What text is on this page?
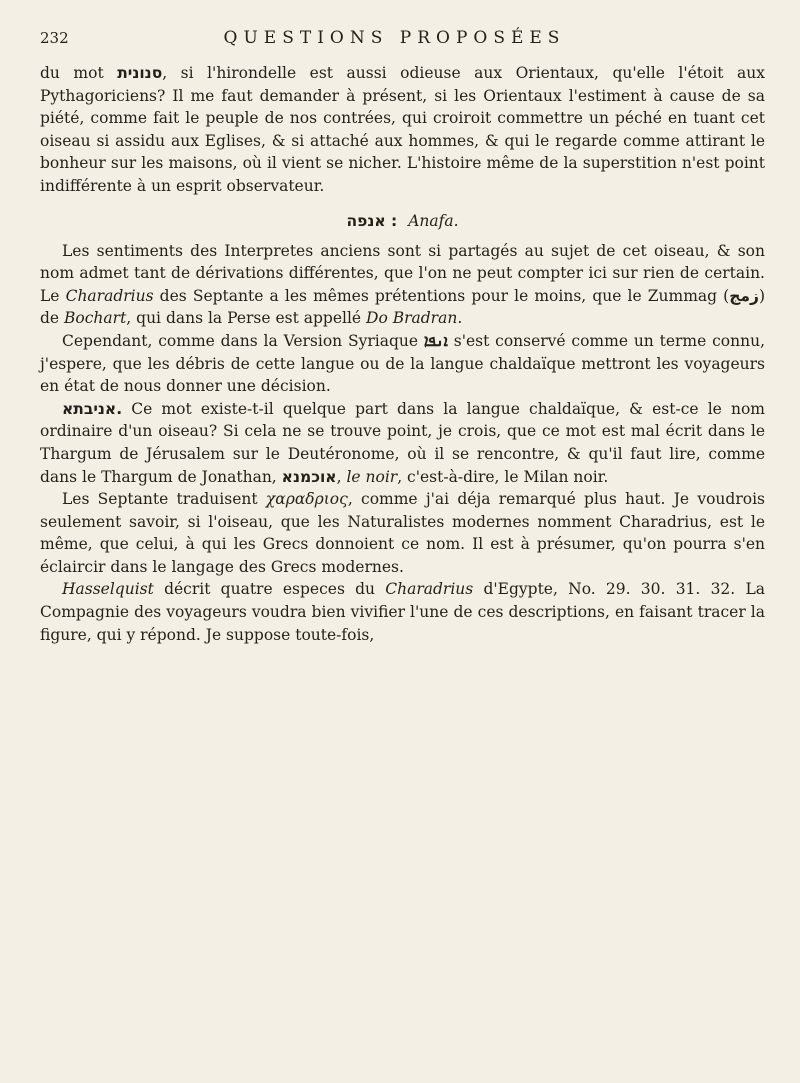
232	QUESTIONS PROPOSÉES

du mot סנונית, si l'hirondelle est aussi odieuse aux Orientaux, qu'elle l'étoit aux Pythagoriciens? Il me faut demander à présent, si les Orientaux l'estiment à cause de sa piété, comme fait le peuple de nos contrées, qui croiroit commettre un péché en tuant cet oiseau si assidu aux Eglises, & si attaché aux hommes, & qui le regarde comme attirant le bonheur sur les maisons, où il vient se nicher. L'histoire même de la superstition n'est point indifférente à un esprit observateur.

אנפה : Anafa.

Les sentiments des Interpretes anciens sont si partagés au sujet de cet oiseau, & son nom admet tant de dérivations différentes, que l'on ne peut compter ici sur rien de certain. Le Charadrius des Septante a les mêmes prétentions pour le moins, que le Zummag (زمج) de Bochart, qui dans la Perse est appellé Do Bradran.

Cependant, comme dans la Version Syriaque ܐܢܦܐ s'est conservé comme un terme connu, j'espere, que les débris de cette langue ou de la langue chaldaïque mettront les voyageurs en état de nous donner une décision.

אניבתא. Ce mot existe-t-il quelque part dans la langue chaldaïque, & est-ce le nom ordinaire d'un oiseau? Si cela ne se trouve point, je crois, que ce mot est mal écrit dans le Thargum de Jérusalem sur le Deutéronome, où il se rencontre, & qu'il faut lire, comme dans le Thargum de Jonathan, אוכמנא, le noir, c'est-à-dire, le Milan noir.

Les Septante traduisent χαραδριος, comme j'ai déja remarqué plus haut. Je voudrois seulement savoir, si l'oiseau, que les Naturalistes modernes nomment Charadrius, est le même, que celui, à qui les Grecs donnoient ce nom. Il est à présumer, qu'on pourra s'en éclaircir dans le langage des Grecs modernes.

Hasselquist décrit quatre especes du Charadrius d'Egypte, No. 29. 30. 31. 32. La Compagnie des voyageurs voudra bien vivifier l'une de ces descriptions, en faisant tracer la figure, qui y répond. Je suppose toute-fois,
